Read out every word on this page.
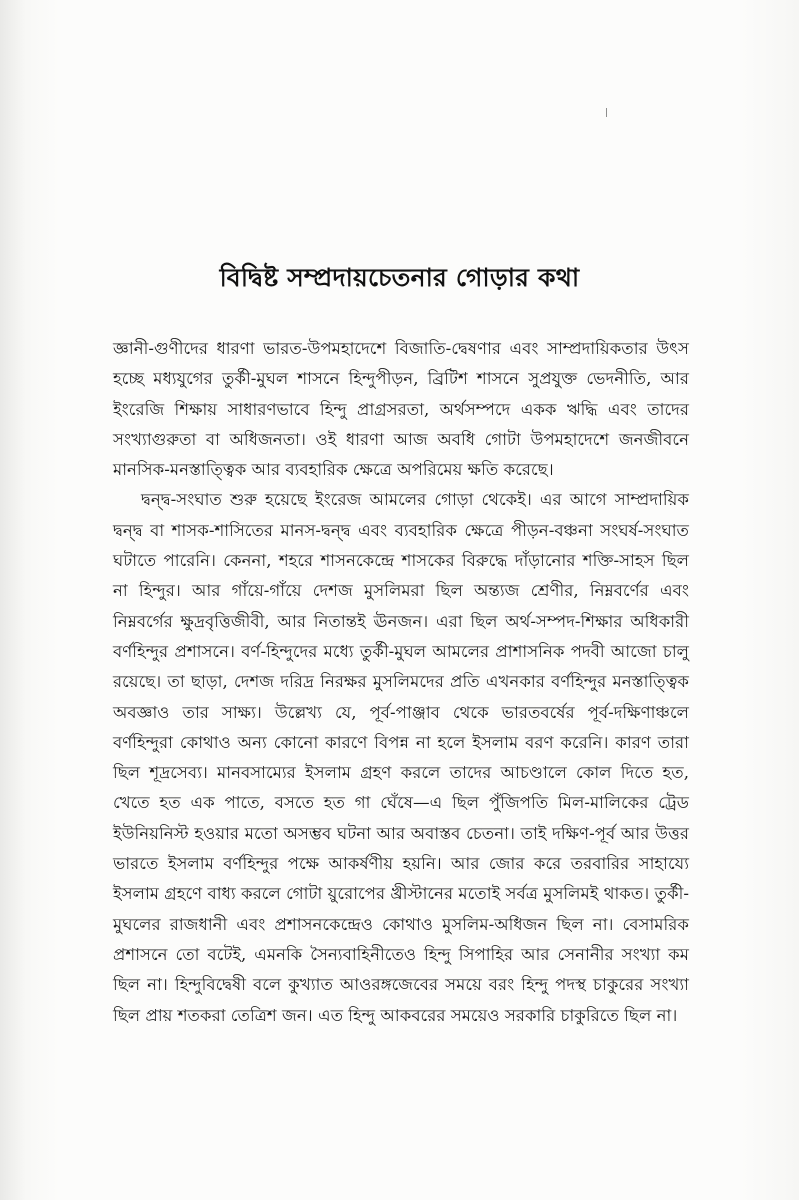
বিদ্বিষ্ট সম্প্রদায়চেতনার গোড়ার কথা

জ্ঞানী-গুণীদের ধারণা ভারত-উপমহাদেশে বিজাতি-দ্বেষণার এবং সাম্প্রদায়িকতার উৎস হচ্ছে মধ্যযুগের তুর্কী-মুঘল শাসনে হিন্দুপীড়ন, ব্রিটিশ শাসনে সুপ্রযুক্ত ভেদনীতি, আর ইংরেজি শিক্ষায় সাধারণভাবে হিন্দু প্রাগ্রসরতা, অর্থসম্পদে একক ঋদ্ধি এবং তাদের সংখ্যাগুরুতা বা অধিজনতা। ওই ধারণা আজ অবধি গোটা উপমহাদেশে জনজীবনে মানসিক-মনস্তাত্ত্বিক আর ব্যবহারিক ক্ষেত্রে অপরিমেয় ক্ষতি করেছে।

দ্বন্দ্ব-সংঘাত শুরু হয়েছে ইংরেজ আমলের গোড়া থেকেই। এর আগে সাম্প্রদায়িক দ্বন্দ্ব বা শাসক-শাসিতের মানস-দ্বন্দ্ব এবং ব্যবহারিক ক্ষেত্রে পীড়ন-বঞ্চনা সংঘর্ষ-সংঘাত ঘটাতে পারেনি। কেননা, শহরে শাসনকেন্দ্রে শাসকের বিরুদ্ধে দাঁড়ানোর শক্তি-সাহস ছিল না হিন্দুর। আর গাঁয়ে-গাঁয়ে দেশজ মুসলিমরা ছিল অন্ত্যজ শ্রেণীর, নিম্নবর্ণের এবং নিম্নবর্গের ক্ষুদ্রবৃত্তিজীবী, আর নিতান্তই ঊনজন। এরা ছিল অর্থ-সম্পদ-শিক্ষার অধিকারী বর্ণহিন্দুর প্রশাসনে। বর্ণ-হিন্দুদের মধ্যে তুর্কী-মুঘল আমলের প্রাশাসনিক পদবী আজো চালু রয়েছে। তা ছাড়া, দেশজ দরিদ্র নিরক্ষর মুসলিমদের প্রতি এখনকার বর্ণহিন্দুর মনস্তাত্ত্বিক অবজ্ঞাও তার সাক্ষ্য। উল্লেখ্য যে, পূর্ব-পাঞ্জাব থেকে ভারতবর্ষের পূর্ব-দক্ষিণাঞ্চলে বর্ণহিন্দুরা কোথাও অন্য কোনো কারণে বিপন্ন না হলে ইসলাম বরণ করেনি। কারণ তারা ছিল শূদ্রসেব্য। মানবসাম্যের ইসলাম গ্রহণ করলে তাদের আচণ্ডালে কোল দিতে হত, খেতে হত এক পাতে, বসতে হত গা ঘেঁষে—এ ছিল পুঁজিপতি মিল-মালিকের ট্রেড ইউনিয়নিস্ট হওয়ার মতো অসম্ভব ঘটনা আর অবাস্তব চেতনা। তাই দক্ষিণ-পূর্ব আর উত্তর ভারতে ইসলাম বর্ণহিন্দুর পক্ষে আকর্ষণীয় হয়নি। আর জোর করে তরবারির সাহায্যে ইসলাম গ্রহণে বাধ্য করলে গোটা য়ুরোপের খ্রীস্টানের মতোই সর্বত্র মুসলিমই থাকত। তুর্কী-মুঘলের রাজধানী এবং প্রশাসনকেন্দ্রেও কোথাও মুসলিম-অধিজন ছিল না। বেসামরিক প্রশাসনে তো বটেই, এমনকি সৈন্যবাহিনীতেও হিন্দু সিপাহির আর সেনানীর সংখ্যা কম ছিল না। হিন্দুবিদ্বেষী বলে কুখ্যাত আওরঙ্গজেবের সময়ে বরং হিন্দু পদস্থ চাকুরের সংখ্যা ছিল প্রায় শতকরা তেত্রিশ জন। এত হিন্দু আকবরের সময়েও সরকারি চাকুরিতে ছিল না।
